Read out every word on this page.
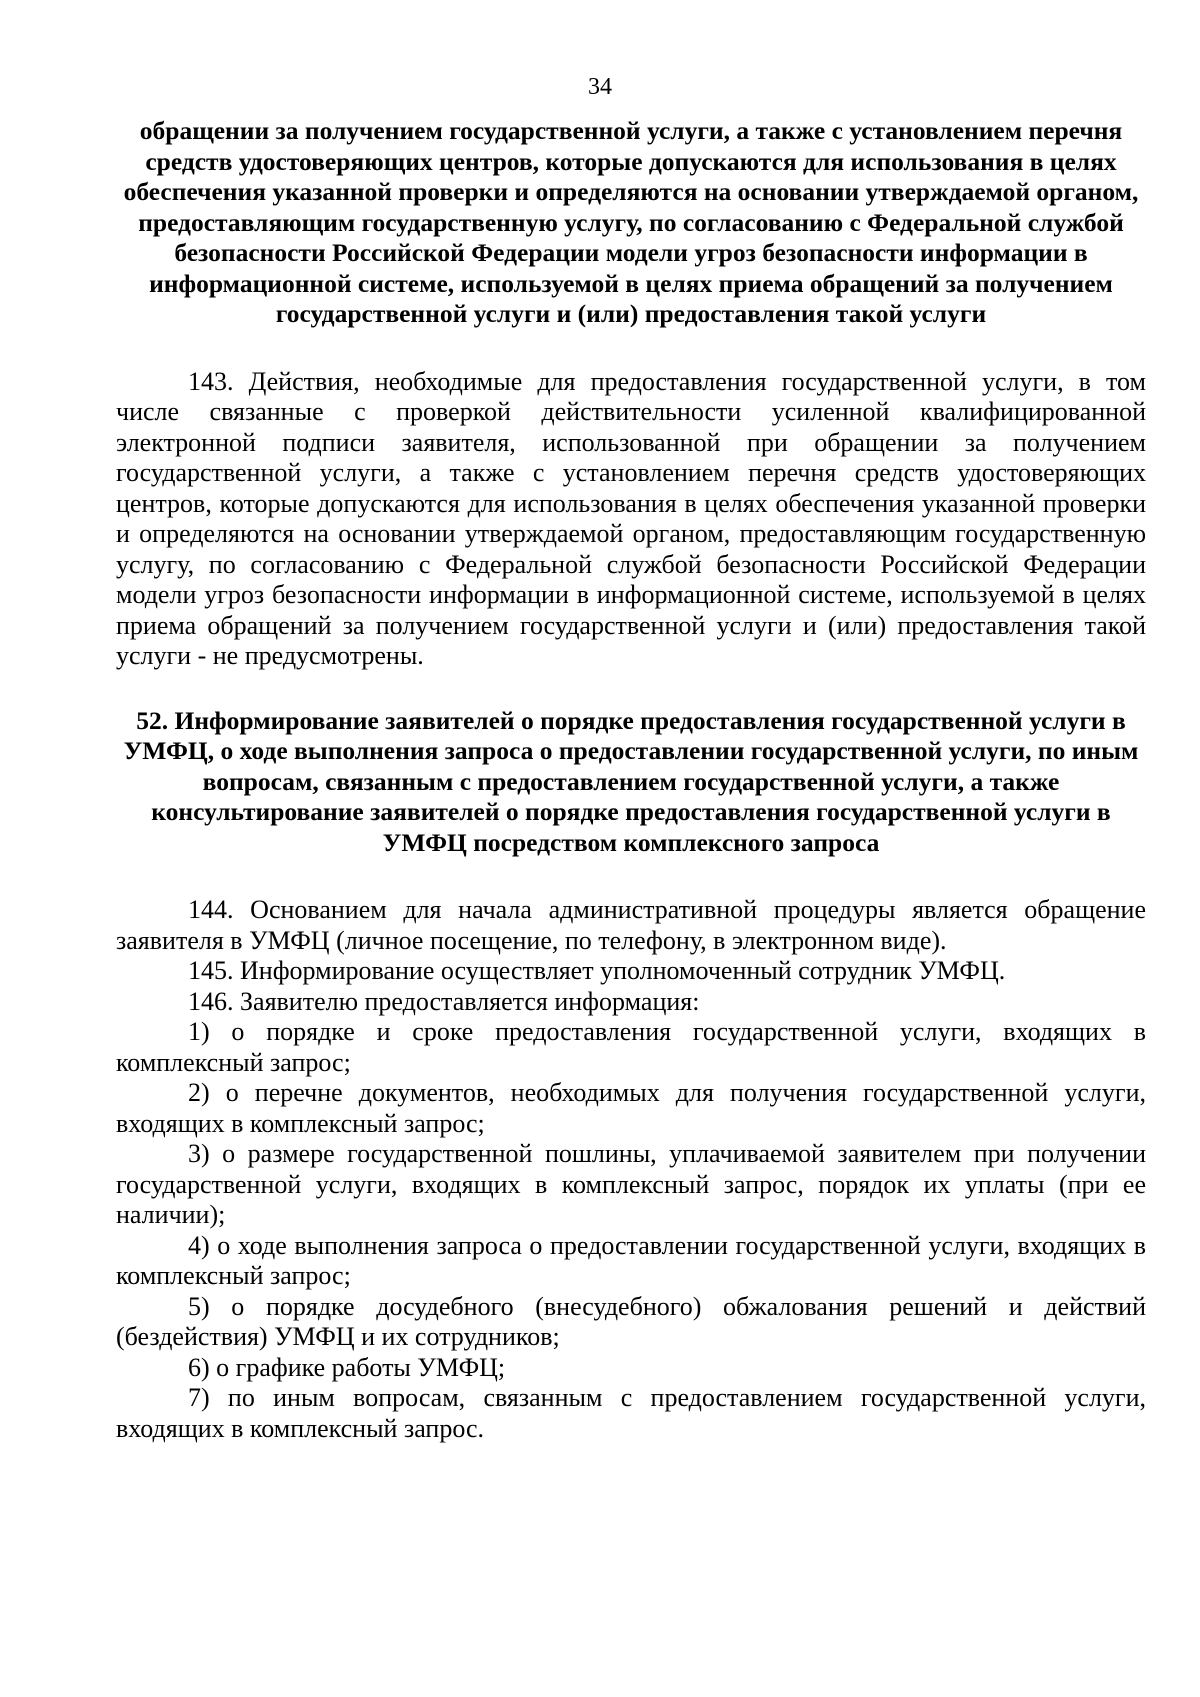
34

обращении за получением государственной услуги, а также с установлением перечня средств удостоверяющих центров, которые допускаются для использования в целях обеспечения указанной проверки и определяются на основании утверждаемой органом, предоставляющим государственную услугу, по согласованию с Федеральной службой безопасности Российской Федерации модели угроз безопасности информации в информационной системе, используемой в целях приема обращений за получением государственной услуги и (или) предоставления такой услуги

143. Действия, необходимые для предоставления государственной услуги, в том числе связанные с проверкой действительности усиленной квалифицированной электронной подписи заявителя, использованной при обращении за получением государственной услуги, а также с установлением перечня средств удостоверяющих центров, которые допускаются для использования в целях обеспечения указанной проверки и определяются на основании утверждаемой органом, предоставляющим государственную услугу, по согласованию с Федеральной службой безопасности Российской Федерации модели угроз безопасности информации в информационной системе, используемой в целях приема обращений за получением государственной услуги и (или) предоставления такой услуги - не предусмотрены.

52. Информирование заявителей о порядке предоставления государственной услуги в УМФЦ, о ходе выполнения запроса о предоставлении государственной услуги, по иным вопросам, связанным с предоставлением государственной услуги, а также консультирование заявителей о порядке предоставления государственной услуги в УМФЦ посредством комплексного запроса

144. Основанием для начала административной процедуры является обращение заявителя в УМФЦ (личное посещение, по телефону, в электронном виде).

145. Информирование осуществляет уполномоченный сотрудник УМФЦ.

146. Заявителю предоставляется информация:

1) о порядке и сроке предоставления государственной услуги, входящих в комплексный запрос;

2) о перечне документов, необходимых для получения государственной услуги, входящих в комплексный запрос;

3) о размере государственной пошлины, уплачиваемой заявителем при получении государственной услуги, входящих в комплексный запрос, порядок их уплаты (при ее наличии);

4) о ходе выполнения запроса о предоставлении государственной услуги, входящих в комплексный запрос;

5) о порядке досудебного (внесудебного) обжалования решений и действий (бездействия) УМФЦ и их сотрудников;

6) о графике работы УМФЦ;

7) по иным вопросам, связанным с предоставлением государственной услуги, входящих в комплексный запрос.
